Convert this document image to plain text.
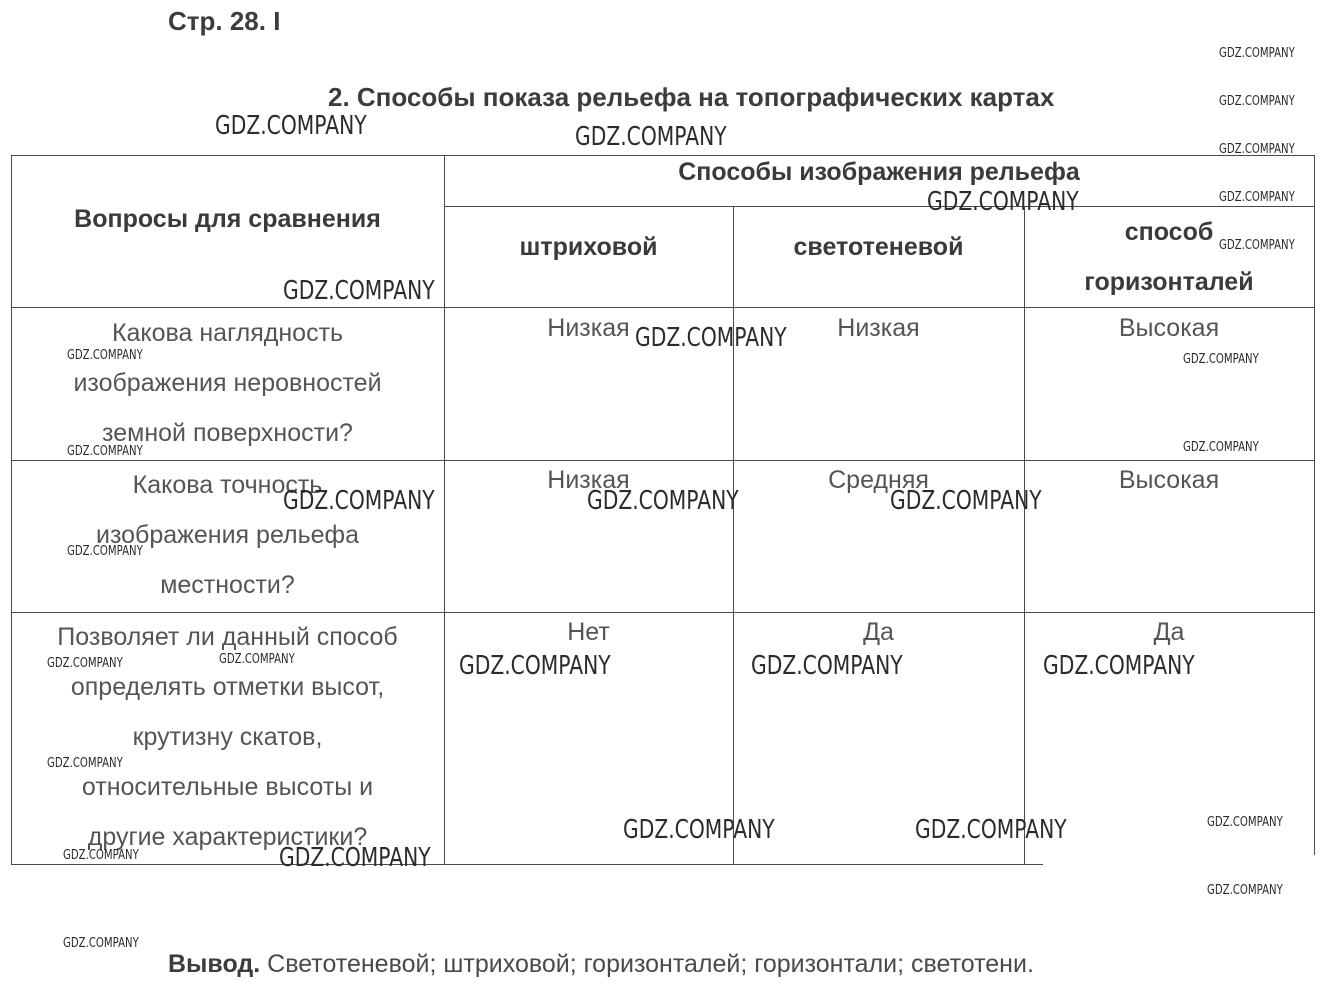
Стр. 28. I
2. Способы показа рельефа на топографических картах
Вопросы для сравнения
Способы изображения рельефа
штриховой	светотеневой
способ
горизонталей
Какова наглядность
изображения неровностей
земной поверхности?
Низкая	Низкая	Высокая
Какова точность
изображения рельефа
местности?
Низкая	Средняя	Высокая
Позволяет ли данный способ
определять отметки высот,
крутизну скатов,
относительные высоты и
другие характеристики?
Нет	Да	Да
Вывод. Светотеневой; штриховой; горизонталей; горизонтали; светотени.
GDZ.COMPANY	GDZ.COMPANY
GDZ.COMPANY
GDZ.COMPANY
GDZ.COMPANY
GDZ.COMPANY	GDZ.COMPANY	GDZ.COMPANY
GDZ.COMPANY	GDZ.COMPANY	GDZ.COMPANY
GDZ.COMPANY	GDZ.COMPANY
GDZ.COMPANY
GDZ.COMPANY
GDZ.COMPANY
GDZ.COMPANY
GDZ.COMPANY
GDZ.COMPANY
GDZ.COMPANY	GDZ.COMPANY
GDZ.COMPANY	GDZ.COMPANY
GDZ.COMPANY
GDZ.COMPANY	GDZ.COMPANY
GDZ.COMPANY
GDZ.COMPANY
GDZ.COMPANY
GDZ.COMPANY
GDZ.COMPANY
